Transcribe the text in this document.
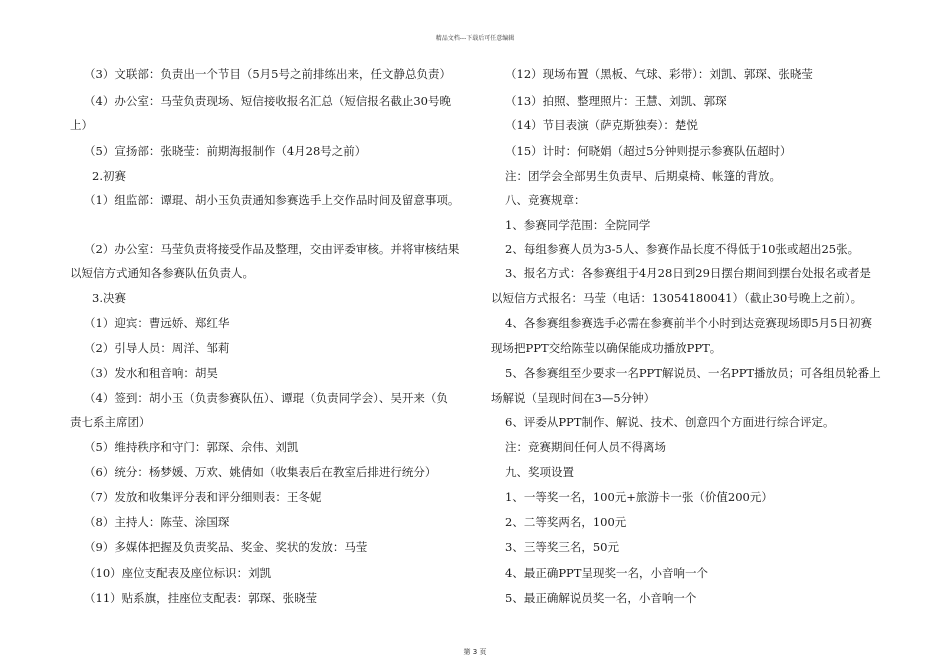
精品文档---下载后可任意编辑
（3）文联部：负责出一个节目（5月5号之前排练出来，任文静总负责）
（4）办公室：马莹负责现场、短信接收报名汇总（短信报名截止30号晚
上）
（5）宣扬部：张晓莹：前期海报制作（4月28号之前）
2.初赛
（1）组监部：谭琨、胡小玉负责通知参赛选手上交作品时间及留意事项。
（2）办公室：马莹负责将接受作品及整理，交由评委审核。并将审核结果
以短信方式通知各参赛队伍负责人。
3.决赛
（1）迎宾：曹远娇、郑红华
（2）引导人员：周洋、邹莉
（3）发水和租音响：胡昊
（4）签到：胡小玉（负责参赛队伍）、谭琨（负责同学会）、吴开来（负
责七系主席团）
（5）维持秩序和守门：郭琛、佘伟、刘凯
（6）统分：杨梦媛、万欢、姚倩如（收集表后在教室后排进行统分）
（7）发放和收集评分表和评分细则表：王冬妮
（8）主持人：陈莹、涂国琛
（9）多媒体把握及负责奖品、奖金、奖状的发放：马莹
（10）座位支配表及座位标识：刘凯
（11）贴系旗，挂座位支配表：郭琛、张晓莹
（12）现场布置（黑板、气球、彩带）：刘凯、郭琛、张晓莹
（13）拍照、整理照片：王慧、刘凯、郭琛
（14）节目表演（萨克斯独奏）：楚悦
（15）计时：何晓娟（超过5分钟则提示参赛队伍超时）
注：团学会全部男生负责早、后期桌椅、帐篷的背放。
八、竞赛规章：
1、参赛同学范围：全院同学
2、每组参赛人员为3-5人、参赛作品长度不得低于10张或超出25张。
3、报名方式：各参赛组于4月28日到29日摆台期间到摆台处报名或者是
以短信方式报名：马莹（电话：13054180041）（截止30号晚上之前）。
4、各参赛组参赛选手必需在参赛前半个小时到达竞赛现场即5月5日初赛
现场把PPT交给陈莹以确保能成功播放PPT。
5、各参赛组至少要求一名PPT解说员、一名PPT播放员；可各组员轮番上
场解说（呈现时间在3—5分钟）
6、评委从PPT制作、解说、技术、创意四个方面进行综合评定。
注：竞赛期间任何人员不得离场
九、奖项设置
1、一等奖一名，100元+旅游卡一张（价值200元）
2、二等奖两名，100元
3、三等奖三名，50元
4、最正确PPT呈现奖一名，小音响一个
5、最正确解说员奖一名，小音响一个
第 3 页
